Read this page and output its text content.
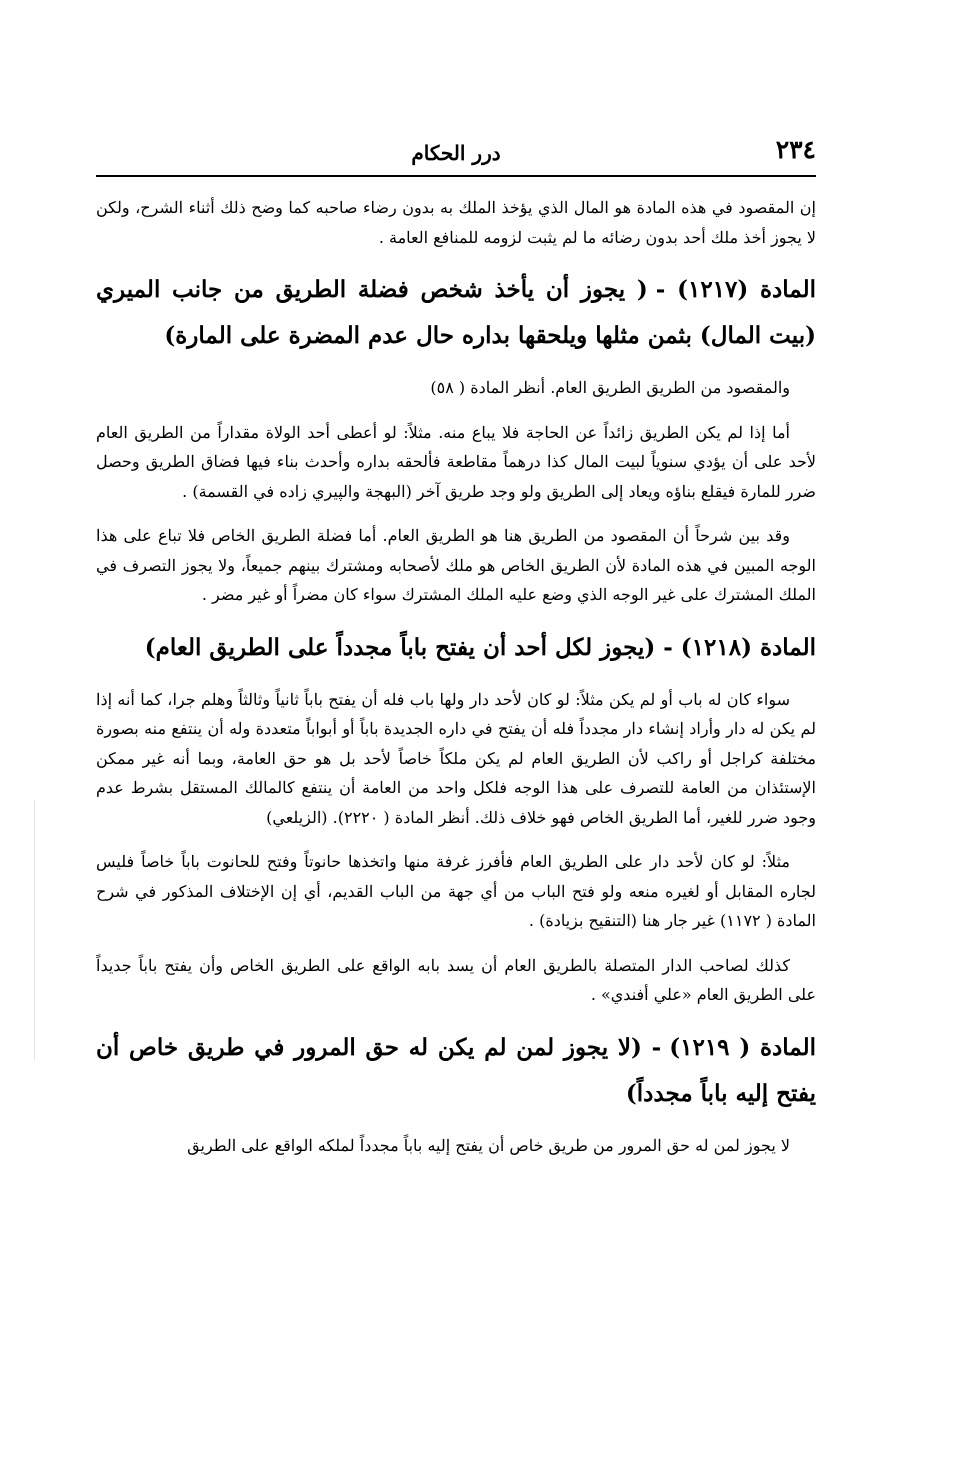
٢٣٤
درر الحكام

إن المقصود في هذه المادة هو المال الذي يؤخذ الملك به بدون رضاء صاحبه كما وضح ذلك أثناء الشرح، ولكن لا يجوز أخذ ملك أحد بدون رضائه ما لم يثبت لزومه للمنافع العامة .

المادة (١٢١٧) -( يجوز أن يأخذ شخص فضلة الطريق من جانب الميري (بيت المال) بثمن مثلها ويلحقها بداره حال عدم المضرة على المارة)

والمقصود من الطريق الطريق العام. أنظر المادة ( ٥٨)

أما إذا لم يكن الطريق زائداً عن الحاجة فلا يباع منه. مثلاً: لو أعطى أحد الولاة مقداراً من الطريق العام لأحد على أن يؤدي سنوياً لبيت المال كذا درهماً مقاطعة فألحقه بداره وأحدث بناء فيها فضاق الطريق وحصل ضرر للمارة فيقلع بناؤه ويعاد إلى الطريق ولو وجد طريق آخر (البهجة والپيري زاده في القسمة) .

وقد بين شرحاً أن المقصود من الطريق هنا هو الطريق العام. أما فضلة الطريق الخاص فلا تباع على هذا الوجه المبين في هذه المادة لأن الطريق الخاص هو ملك لأصحابه ومشترك بينهم جميعاً، ولا يجوز التصرف في الملك المشترك على غير الوجه الذي وضع عليه الملك المشترك سواء كان مضراً أو غير مضر .

المادة (١٢١٨) -(يجوز لكل أحد أن يفتح باباً مجدداً على الطريق العام)

سواء كان له باب أو لم يكن مثلاً: لو كان لأحد دار ولها باب فله أن يفتح باباً ثانياً وثالثاً وهلم جرا، كما أنه إذا لم يكن له دار وأراد إنشاء دار مجدداً فله أن يفتح في داره الجديدة باباً أو أبواباً متعددة وله أن ينتفع منه بصورة مختلفة كراجل أو راكب لأن الطريق العام لم يكن ملكاً خاصاً لأحد بل هو حق العامة، وبما أنه غير ممكن الإستئذان من العامة للتصرف على هذا الوجه فلكل واحد من العامة أن ينتفع كالمالك المستقل بشرط عدم وجود ضرر للغير، أما الطريق الخاص فهو خلاف ذلك. أنظر المادة ( ٢٢٢٠). (الزيلعي)

مثلاً: لو كان لأحد دار على الطريق العام فأفرز غرفة منها واتخذها حانوتاً وفتح للحانوت باباً خاصاً فليس لجاره المقابل أو لغيره منعه ولو فتح الباب من أي جهة من الباب القديم، أي إن الإختلاف المذكور في شرح المادة ( ١١٧٢) غير جار هنا (التنقيح بزيادة) .

كذلك لصاحب الدار المتصلة بالطريق العام أن يسد بابه الواقع على الطريق الخاص وأن يفتح باباً جديداً على الطريق العام «علي أفندي» .

المادة ( ١٢١٩)- (لا يجوز لمن لم يكن له حق المرور في طريق خاص أن يفتح إليه باباً مجدداً)

لا يجوز لمن له حق المرور من طريق خاص أن يفتح إليه باباً مجدداً لملكه الواقع على الطريق
